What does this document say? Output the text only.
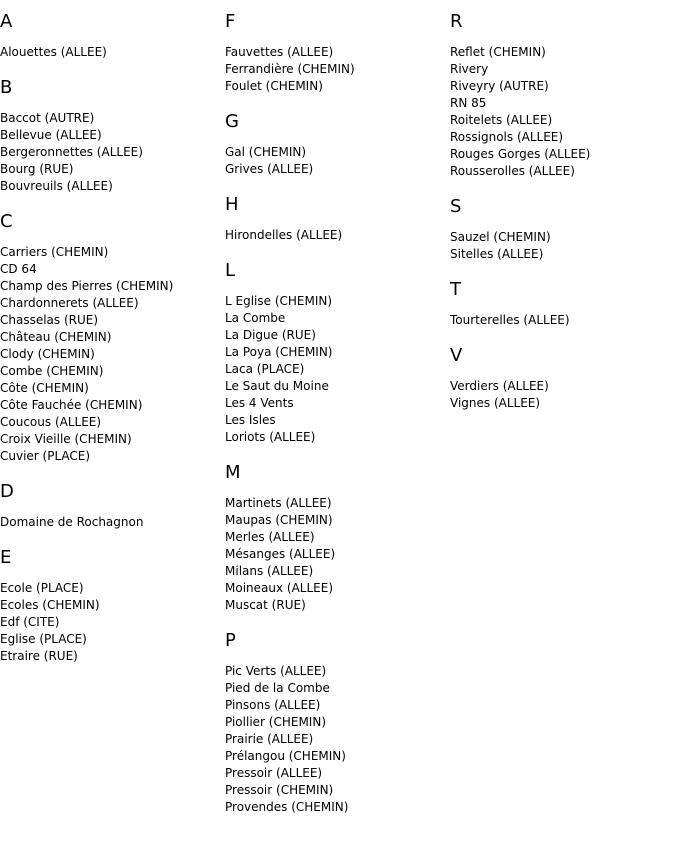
A
Alouettes (ALLEE)
B
Baccot (AUTRE)
Bellevue (ALLEE)
Bergeronnettes (ALLEE)
Bourg (RUE)
Bouvreuils (ALLEE)
C
Carriers (CHEMIN)
CD 64
Champ des Pierres (CHEMIN)
Chardonnerets (ALLEE)
Chasselas (RUE)
Château (CHEMIN)
Clody (CHEMIN)
Combe (CHEMIN)
Côte (CHEMIN)
Côte Fauchée (CHEMIN)
Coucous (ALLEE)
Croix Vieille (CHEMIN)
Cuvier (PLACE)
D
Domaine de Rochagnon
E
Ecole (PLACE)
Ecoles (CHEMIN)
Edf (CITE)
Eglise (PLACE)
Etraire (RUE)
F
Fauvettes (ALLEE)
Ferrandière (CHEMIN)
Foulet (CHEMIN)
G
Gal (CHEMIN)
Grives (ALLEE)
H
Hirondelles (ALLEE)
L
L Eglise (CHEMIN)
La Combe
La Digue (RUE)
La Poya (CHEMIN)
Laca (PLACE)
Le Saut du Moine
Les 4 Vents
Les Isles
Loriots (ALLEE)
M
Martinets (ALLEE)
Maupas (CHEMIN)
Merles (ALLEE)
Mésanges (ALLEE)
Milans (ALLEE)
Moineaux (ALLEE)
Muscat (RUE)
P
Pic Verts (ALLEE)
Pied de la Combe
Pinsons (ALLEE)
Piollier (CHEMIN)
Prairie (ALLEE)
Prélangou (CHEMIN)
Pressoir (ALLEE)
Pressoir (CHEMIN)
Provendes (CHEMIN)
R
Reflet (CHEMIN)
Rivery
Riveyry (AUTRE)
RN 85
Roitelets (ALLEE)
Rossignols (ALLEE)
Rouges Gorges (ALLEE)
Rousserolles (ALLEE)
S
Sauzel (CHEMIN)
Sitelles (ALLEE)
T
Tourterelles (ALLEE)
V
Verdiers (ALLEE)
Vignes (ALLEE)
